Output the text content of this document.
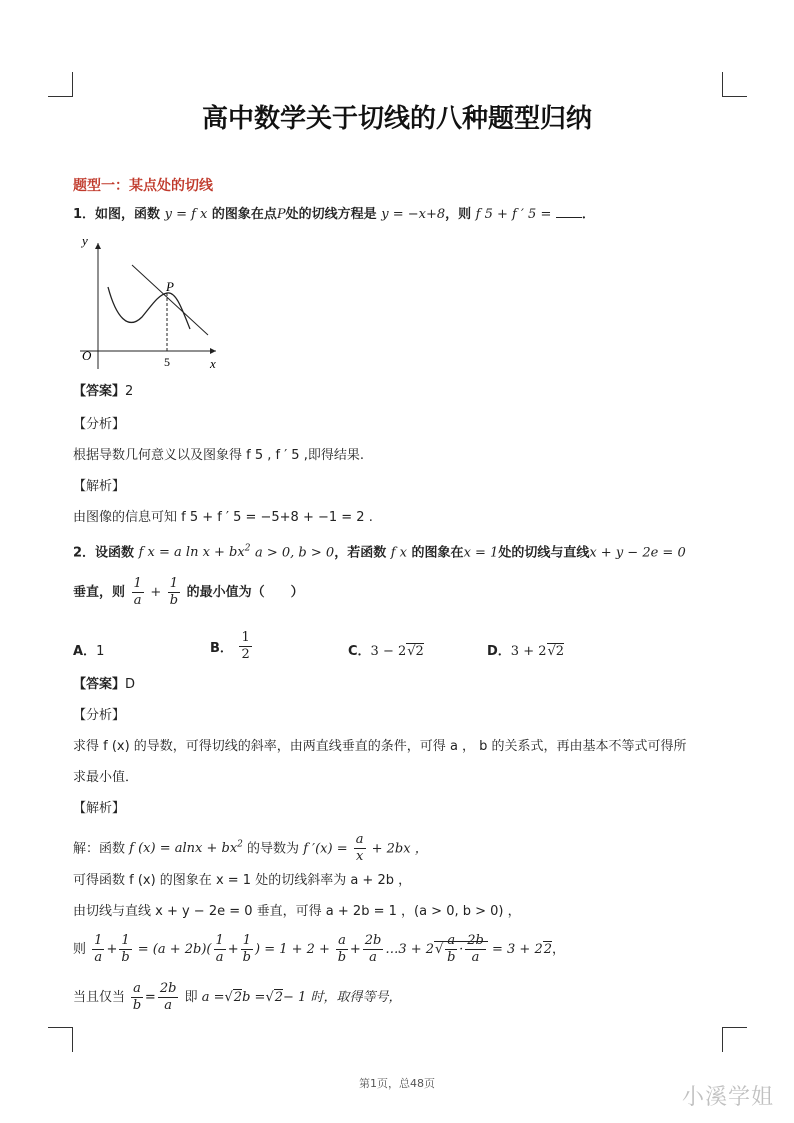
高中数学关于切线的八种题型归纳
题型一：某点处的切线
1．如图，函数 y = f x 的图象在点P处的切线方程是 y = −x+8，则 f 5 + f ′ 5 = ．
y
x
O	5
P
【答案】2
【分析】
根据导数几何意义以及图象得 f 5 , f ′ 5 ,即得结果.
【解析】
由图像的信息可知 f 5 + f ′ 5 = −5+8 + −1 = 2 .
2．设函数 f x = a $\ln x + bx^2$ a > 0, b > 0，若函数 f x 的图象在x = 1处的切线与直线x + y − 2e = 0
垂直，则 $\frac{1}{a} + \frac{1}{b}$ 的最小值为（　　）
A．1	B． $\frac{1}{2}$	C．3 − 2√2	D．3 + 2√2
【答案】D
【分析】
求得 f (x) 的导数，可得切线的斜率，由两直线垂直的条件，可得 a ， b 的关系式，再由基本不等式可得所
求最小值．
【解析】
解：函数 f $(x) = alnx + bx^2$ 的导数为 f $'(x) = \frac{a}{x} + 2bx$ ，
可得函数 f (x) 的图象在 x = 1 处的切线斜率为 a + 2b ，
由切线与直线 x + y − 2e = 0 垂直，可得 a + 2b = 1 ，(a > 0, b > 0) ，
则 $\frac{1}{a} + \frac{1}{b} = (a + 2b)( \frac{1}{a} + \frac{1}{b}$ ) = $1 + 2 + \frac{a}{b} + \frac{2b}{a}$ …3 + $2√ \frac{a}{b} \cdot \frac{2b}{a} = 3 + 22$，
当且仅当 $\frac{a}{b} = \frac{2b}{a}$ 即 a =√2b =√2− 1 时，取得等号，
第1页，总48页
小溪学姐
